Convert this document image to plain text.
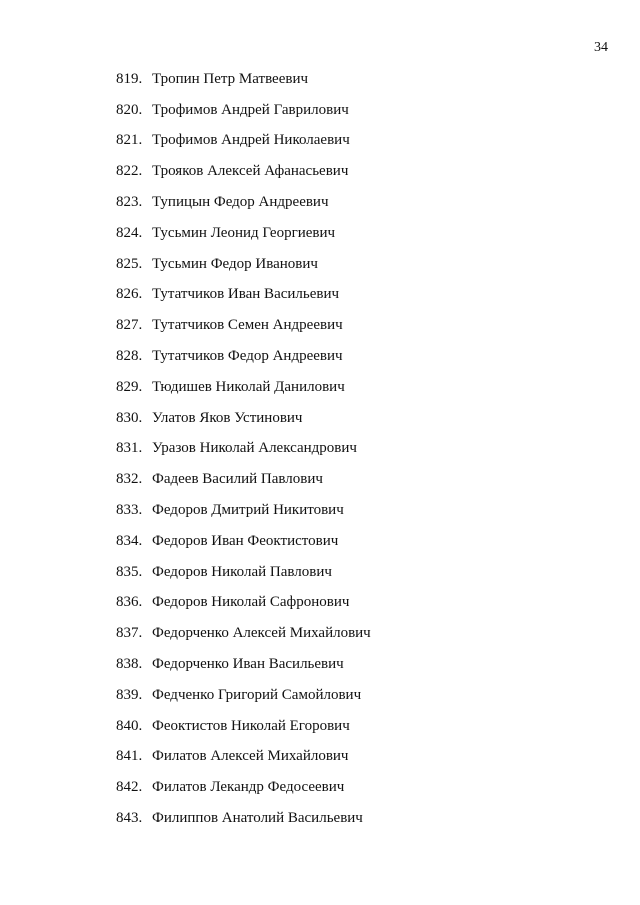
34
819. Тропин Петр Матвеевич
820. Трофимов Андрей Гаврилович
821. Трофимов Андрей Николаевич
822. Трояков Алексей Афанасьевич
823. Тупицын Федор Андреевич
824. Тусьмин Леонид Георгиевич
825. Тусьмин Федор Иванович
826. Тутатчиков Иван Васильевич
827. Тутатчиков Семен Андреевич
828. Тутатчиков Федор Андреевич
829. Тюдишев Николай Данилович
830. Улатов Яков Устинович
831. Уразов Николай Александрович
832. Фадеев Василий Павлович
833. Федоров Дмитрий Никитович
834. Федоров Иван Феоктистович
835. Федоров Николай Павлович
836. Федоров Николай Сафронович
837. Федорченко Алексей Михайлович
838. Федорченко Иван Васильевич
839. Федченко Григорий Самойлович
840. Феоктистов Николай Егорович
841. Филатов Алексей Михайлович
842. Филатов Лекандр Федосеевич
843. Филиппов Анатолий Васильевич
